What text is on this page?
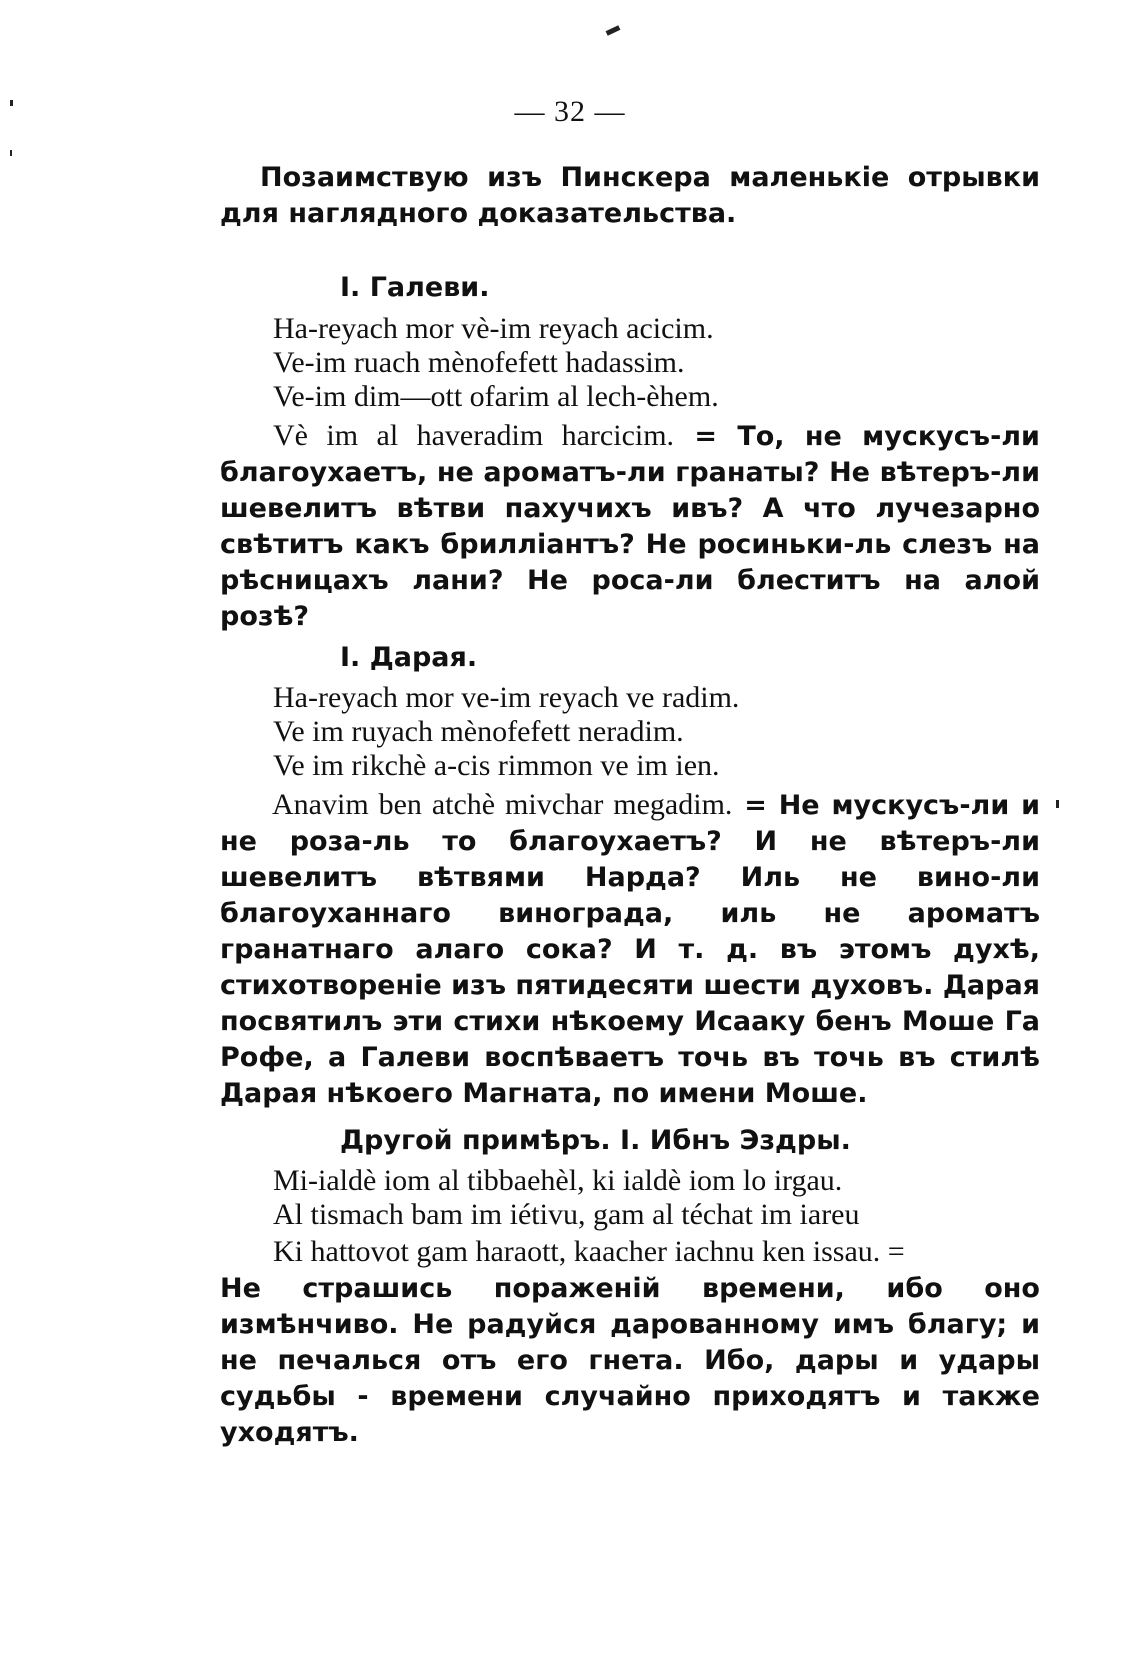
— 32 —
Позаимствую изъ Пинскера маленькіе отрывки для наглядного доказательства.
I. Галеви.
Ha-reyach mor vè-im reyach acicim.
Ve-im ruach mènofefett hadassim.
Ve-im dim—ott ofarim al lech-èhem.
Vè im al haveradim harcicim. = То, не мускусъ-ли благоухаетъ, не ароматъ-ли гранаты? Не вѣтеръ-ли шевелитъ вѣтви пахучихъ ивъ? А что лучезарно свѣтитъ какъ брилліантъ? Не росиньки-ль слезъ на рѣсницахъ лани? Не роса-ли блеститъ на алой розѣ?
I. Дарая.
Ha-reyach mor ve-im reyach ve radim.
Ve im ruyach mènofefett neradim.
Ve im rikchè a-cis rimmon ve im ien.
Anavim ben atchè mivchar megadim. = Не мускусъ-ли и не роза-ль то благоухаетъ? И не вѣтеръ-ли шевелитъ вѣтвями Нарда? Иль не вино-ли благоуханнаго винограда, иль не ароматъ гранатнаго алаго сока? И т. д. въ этомъ духѣ, стихотвореніе изъ пятидесяти шести духовъ. Дарая посвятилъ эти стихи нѣкоему Исааку бенъ Моше Га Рофе, а Галеви воспѣваетъ точь въ точь въ стилѣ Дарая нѣкоего Магната, по имени Моше.
Другой примѣръ. I. Ибнъ Эздры.
Mi-ialdè iom al tibbaehèl, ki ialdè iom lo irgau.
Al tismach bam im iétivu, gam al téchat im iareu
Ki hattovot gam haraott, kaacher iachnu ken issau. =
Не страшись пораженій времени, ибо оно измѣнчиво. Не радуйся дарованному имъ благу; и не печалься отъ его гнета. Ибо, дары и удары судьбы - времени случайно приходятъ и также уходятъ.
